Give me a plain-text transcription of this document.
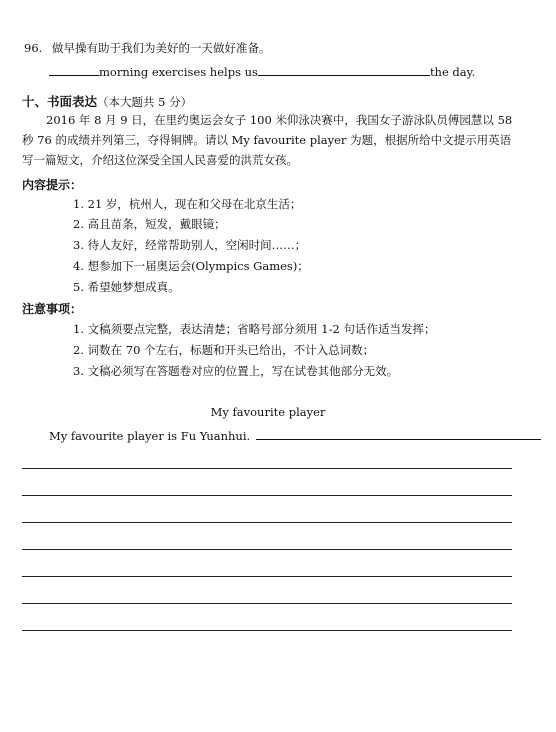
96. 做早操有助于我们为美好的一天做好准备。
morning exercises helps us	the day.
十、书面表达（本大题共 5 分）
2016 年 8 月 9 日，在里约奥运会女子 100 米仰泳决赛中，我国女子游泳队员傅园慧以 58 秒 76 的成绩并列第三，夺得铜牌。请以 My favourite player 为题，根据所给中文提示用英语写一篇短文，介绍这位深受全国人民喜爱的洪荒女孩。
内容提示：
1. 21 岁，杭州人，现在和父母在北京生活；
2. 高且苗条，短发，戴眼镜；
3. 待人友好，经常帮助别人，空闲时间……；
4. 想参加下一届奥运会(Olympics Games)；
5. 希望她梦想成真。
注意事项：
1. 文稿须要点完整，表达清楚；省略号部分须用 1-2 句话作适当发挥；
2. 词数在 70 个左右，标题和开头已给出，不计入总词数；
3. 文稿必须写在答题卷对应的位置上，写在试卷其他部分无效。
My favourite player
My favourite player is Fu Yuanhui.
